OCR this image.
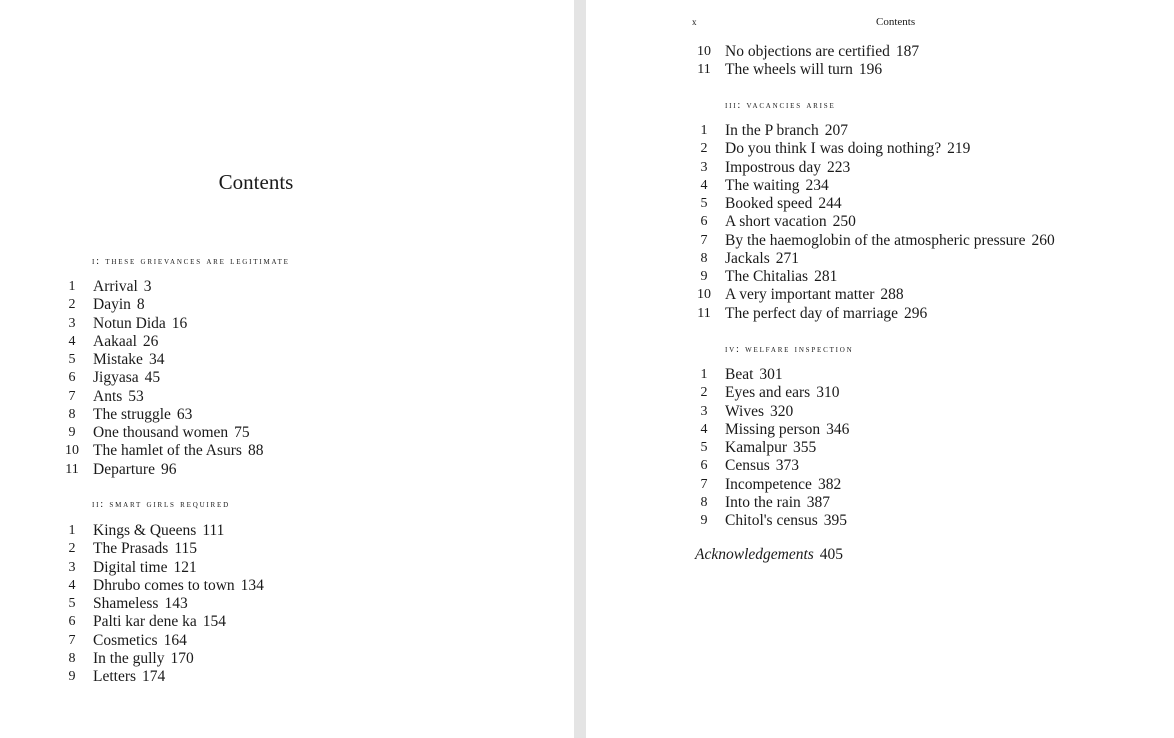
Contents
i: these grievances are legitimate
1	Arrival 3
2	Dayin 8
3	Notun Dida 16
4	Aakaal 26
5	Mistake 34
6	Jigyasa 45
7	Ants 53
8	The struggle 63
9	One thousand women 75
10 The hamlet of the Asurs 88
11 Departure 96
ii: smart girls required
1	Kings & Queens 111
2	The Prasads 115
3	Digital time 121
4	Dhrubo comes to town 134
5	Shameless 143
6	Palti kar dene ka 154
7	Cosmetics 164
8	In the gully 170
9	Letters 174
x	Contents
10 No objections are certified 187
11 The wheels will turn 196
iii: vacancies arise
1	In the P branch 207
2	Do you think I was doing nothing? 219
3	Impostrous day 223
4	The waiting 234
5	Booked speed 244
6	A short vacation 250
7	By the haemoglobin of the atmospheric pressure 260
8	Jackals 271
9	The Chitalias 281
10 A very important matter 288
11 The perfect day of marriage 296
iv: welfare inspection
1	Beat 301
2	Eyes and ears 310
3	Wives 320
4	Missing person 346
5	Kamalpur 355
6	Census 373
7	Incompetence 382
8	Into the rain 387
9	Chitol's census 395
Acknowledgements 405
